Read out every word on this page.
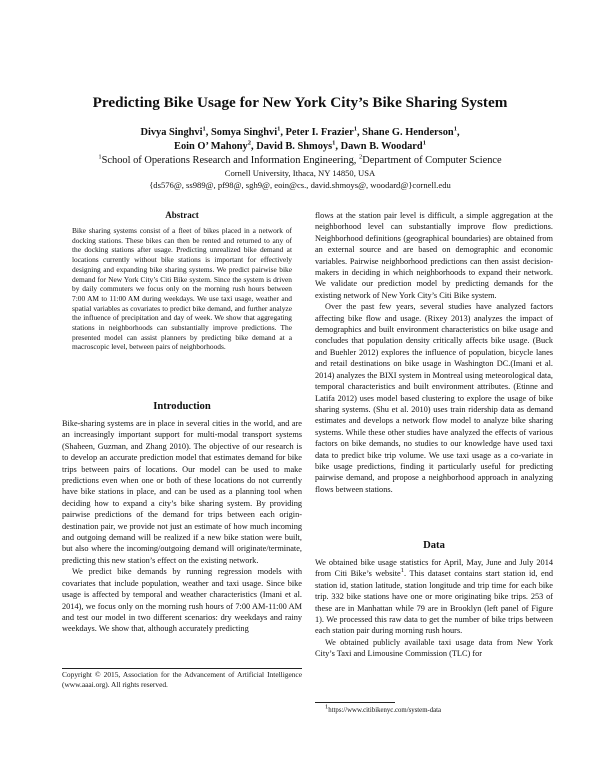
Predicting Bike Usage for New York City’s Bike Sharing System
Divya Singhvi$^1$, Somya Singhvi$^1$, Peter I. Frazier$^1$, Shane G. Henderson$^1$,
Eoin O’ Mahony$^2$, David B. Shmoys$^1$, Dawn B. Woodard$^1$
$^1$School of Operations Research and Information Engineering, $^2$Department of Computer Science
Cornell University, Ithaca, NY 14850, USA
{ds576@, ss989@, pf98@, sgh9@, eoin@cs., david.shmoys@, woodard@}cornell.edu
Abstract

Bike sharing systems consist of a fleet of bikes placed in a network of docking stations. These bikes can then be rented and returned to any of the docking stations after usage. Predicting unrealized bike demand at locations currently without bike stations is important for effectively designing and expanding bike sharing systems. We predict pairwise bike demand for New York City’s Citi Bike system. Since the system is driven by daily commuters we focus only on the morning rush hours between 7:00 AM to 11:00 AM during weekdays. We use taxi usage, weather and spatial variables as covariates to predict bike demand, and further analyze the influence of precipitation and day of week. We show that aggregating stations in neighborhoods can substantially improve predictions. The presented model can assist planners by predicting bike demand at a macroscopic level, between pairs of neighborhoods.

Introduction

Bike-sharing systems are in place in several cities in the world, and are an increasingly important support for multi-modal transport systems (Shaheen, Guzman, and Zhang 2010). The objective of our research is to develop an accurate prediction model that estimates demand for bike trips between pairs of locations. Our model can be used to make predictions even when one or both of these locations do not currently have bike stations in place, and can be used as a planning tool when deciding how to expand a city’s bike sharing system. By providing pairwise predictions of the demand for trips between each origin-destination pair, we provide not just an estimate of how much incoming and outgoing demand will be realized if a new bike station were built, but also where the incoming/outgoing demand will originate/terminate, predicting this new station’s effect on the existing network.

We predict bike demands by running regression models with covariates that include population, weather and taxi usage. Since bike usage is affected by temporal and weather characteristics (Imani et al. 2014), we focus only on the morning rush hours of 7:00 AM-11:00 AM and test our model in two different scenarios: dry weekdays and rainy weekdays. We show that, although accurately predicting

Copyright © 2015, Association for the Advancement of Artificial Intelligence (www.aaai.org). All rights reserved.

flows at the station pair level is difficult, a simple aggregation at the neighborhood level can substantially improve flow predictions. Neighborhood definitions (geographical boundaries) are obtained from an external source and are based on demographic and economic variables. Pairwise neighborhood predictions can then assist decision-makers in deciding in which neighborhoods to expand their network. We validate our prediction model by predicting demands for the existing network of New York City’s Citi Bike system.

Over the past few years, several studies have analyzed factors affecting bike flow and usage. (Rixey 2013) analyzes the impact of demographics and built environment characteristics on bike usage and concludes that population density critically affects bike usage. (Buck and Buehler 2012) explores the influence of population, bicycle lanes and retail destinations on bike usage in Washington DC.(Imani et al. 2014) analyzes the BIXI system in Montreal using meteorological data, temporal characteristics and built environment attributes. (Etinne and Latifa 2012) uses model based clustering to explore the usage of bike sharing systems. (Shu et al. 2010) uses train ridership data as demand estimates and develops a network flow model to analyze bike sharing systems. While these other studies have analyzed the effects of various factors on bike demands, no studies to our knowledge have used taxi data to predict bike trip volume. We use taxi usage as a co-variate in bike usage predictions, finding it particularly useful for predicting pairwise demand, and propose a neighborhood approach in analyzing flows between stations.

Data

We obtained bike usage statistics for April, May, June and July 2014 from Citi Bike’s website$^1$. This dataset contains start station id, end station id, station latitude, station longitude and trip time for each bike trip. 332 bike stations have one or more originating bike trips. 253 of these are in Manhattan while 79 are in Brooklyn (left panel of Figure 1). We processed this raw data to get the number of bike trips between each station pair during morning rush hours.

We obtained publicly available taxi usage data from New York City’s Taxi and Limousine Commission (TLC) for

$^1$https://www.citibikenyc.com/system-data
